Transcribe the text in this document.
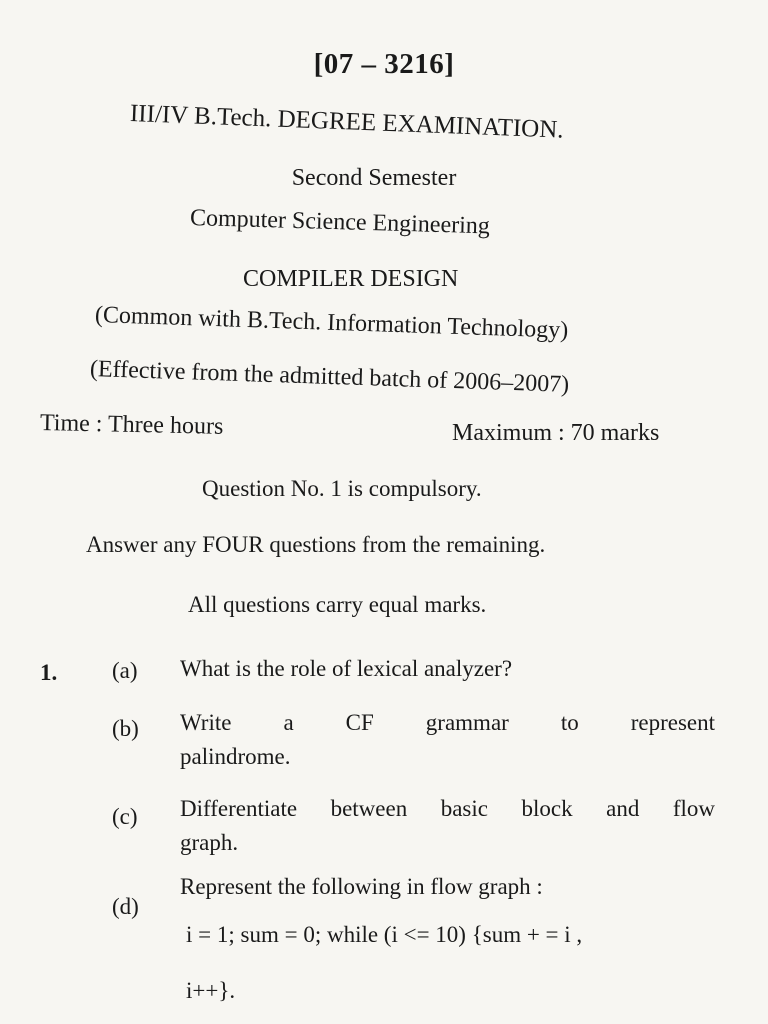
[07 – 3216]
III/IV B.Tech. DEGREE EXAMINATION.
Second Semester
Computer Science Engineering
COMPILER DESIGN
(Common with B.Tech. Information Technology)
(Effective from the admitted batch of 2006–2007)
Time : Three hours	Maximum : 70 marks
Question No. 1 is compulsory.
Answer any FOUR questions from the remaining.
All questions carry equal marks.
1. (a) What is the role of lexical analyzer?
(b) Write a CF grammar to represent
palindrome.
(c) Differentiate between basic block and flow
graph.
(d)
Represent the following in flow graph :
i = 1; sum = 0; while (i <= 10) {sum + = i ,
i++}.
